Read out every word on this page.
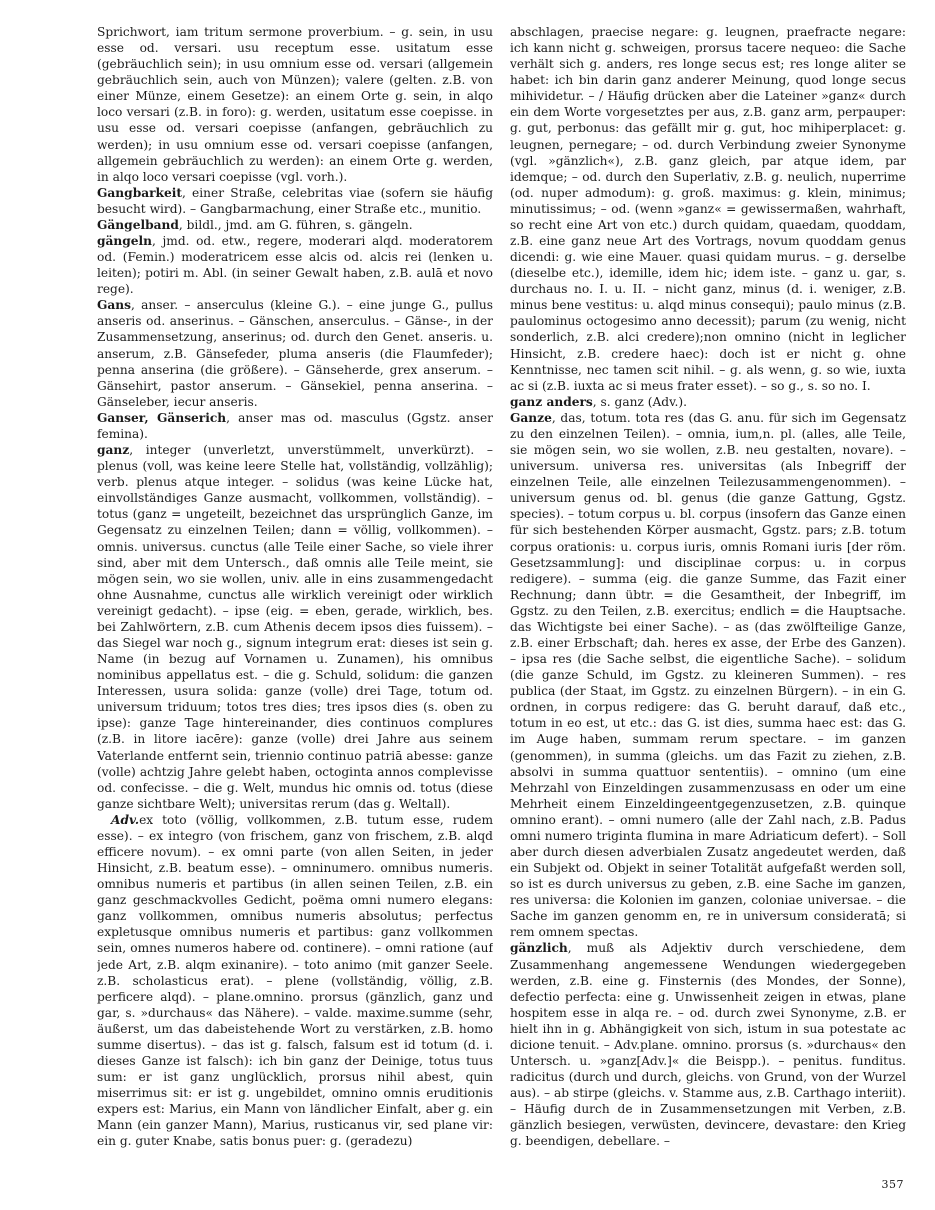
Sprichwort, iam tritum sermone proverbium. – g. sein, in usu esse od. versari. usu receptum esse. usitatum esse (gebräuchlich sein); in usu omnium esse od. versari (allgemein gebräuchlich sein, auch von Münzen); valere (gelten. z.B. von einer Münze, einem Gesetze): an einem Orte g. sein, in alqo loco versari (z.B. in foro): g. werden, usitatum esse coepisse. in usu esse od. versari coepisse (anfangen, gebräuchlich zu werden); in usu omnium esse od. versari coepisse (anfangen, allgemein gebräuchlich zu werden): an einem Orte g. werden, in alqo loco versari coepisse (vgl. vorh.).

Gangbarkeit, einer Straße, celebritas viae (sofern sie häufig besucht wird). – Gangbarmachung, einer Straße etc., munitio.

Gängelband, bildl., jmd. am G. führen, s. gängeln.

gängeln, jmd. od. etw., regere, moderari alqd. moderatorem od. (Femin.) moderatricem esse alcis od. alcis rei (lenken u. leiten); potiri m. Abl. (in seiner Gewalt haben, z.B. aulā et novo rege).

Gans, anser. – anserculus (kleine G.). – eine junge G., pullus anseris od. anserinus. – Gänschen, anserculus. – Gänse-, in der Zusammensetzung, anserinus; od. durch den Genet. anseris. u. anserum, z.B. Gänsefeder, pluma anseris (die Flaumfeder); penna anserina (die größere). – Gänseherde, grex anserum. – Gänsehirt, pastor anserum. – Gänsekiel, penna anserina. – Gänseleber, iecur anseris.

Ganser, Gänserich, anser mas od. masculus (Ggstz. anser femina).

ganz, integer (unverletzt, unverstümmelt, unverkürzt). – plenus (voll, was keine leere Stelle hat, vollständig, vollzählig); verb. plenus atque integer. – solidus (was keine Lücke hat, einvollständiges Ganze ausmacht, vollkommen, vollständig). – totus (ganz = ungeteilt, bezeichnet das ursprünglich Ganze, im Gegensatz zu einzelnen Teilen; dann = völlig, vollkommen). – omnis. universus. cunctus (alle Teile einer Sache, so viele ihrer sind, aber mit dem Untersch., daß omnis alle Teile meint, sie mögen sein, wo sie wollen, univ. alle in eins zusammengedacht ohne Ausnahme, cunctus alle wirklich vereinigt oder wirklich vereinigt gedacht). – ipse (eig. = eben, gerade, wirklich, bes. bei Zahlwörtern, z.B. cum Athenis decem ipsos dies fuissem). – das Siegel war noch g., signum integrum erat: dieses ist sein g. Name (in bezug auf Vornamen u. Zunamen), his omnibus nominibus appellatus est. – die g. Schuld, solidum: die ganzen Interessen, usura solida: ganze (volle) drei Tage, totum od. universum triduum; totos tres dies; tres ipsos dies (s. oben zu ipse): ganze Tage hintereinander, dies continuos complures (z.B. in litore iacēre): ganze (volle) drei Jahre aus seinem Vaterlande entfernt sein, triennio continuo patriā abesse: ganze (volle) achtzig Jahre gelebt haben, octoginta annos complevisse od. confecisse. – die g. Welt, mundus hic omnis od. totus (diese ganze sichtbare Welt); universitas rerum (das g. Weltall).

Adv.ex toto (völlig, vollkommen, z.B. tutum esse, rudem esse). – ex integro (von frischem, ganz von frischem, z.B. alqd efficere novum). – ex omni parte (von allen Seiten, in jeder Hinsicht, z.B. beatum esse). – omninumero. omnibus numeris. omnibus numeris et partibus (in allen seinen Teilen, z.B. ein ganz geschmackvolles Gedicht, poëma omni numero elegans: ganz vollkommen, omnibus numeris absolutus; perfectus expletusque omnibus numeris et partibus: ganz vollkommen sein, omnes numeros habere od. continere). – omni ratione (auf jede Art, z.B. alqm exinanire). – toto animo (mit ganzer Seele. z.B. scholasticus erat). – plene (vollständig, völlig, z.B. perficere alqd). – plane.omnino. prorsus (gänzlich, ganz und gar, s. »durchaus« das Nähere). – valde. maxime.summe (sehr, äußerst, um das dabeistehende Wort zu verstärken, z.B. homo summe disertus). – das ist g. falsch, falsum est id totum (d. i. dieses Ganze ist falsch): ich bin ganz der Deinige, totus tuus sum: er ist ganz unglücklich, prorsus nihil abest, quin miserrimus sit: er ist g. ungebildet, omnino omnis eruditionis expers est: Marius, ein Mann von ländlicher Einfalt, aber g. ein Mann (ein ganzer Mann), Marius, rusticanus vir, sed plane vir: ein g. guter Knabe, satis bonus puer: g. (geradezu)

abschlagen, praecise negare: g. leugnen, praefracte negare: ich kann nicht g. schweigen, prorsus tacere nequeo: die Sache verhält sich g. anders, res longe secus est; res longe aliter se habet: ich bin darin ganz anderer Meinung, quod longe secus mihividetur. – / Häufig drücken aber die Lateiner »ganz« durch ein dem Worte vorgesetztes per aus, z.B. ganz arm, perpauper: g. gut, perbonus: das gefällt mir g. gut, hoc mihiperplacet: g. leugnen, pernegare; – od. durch Verbindung zweier Synonyme (vgl. »gänzlich«), z.B. ganz gleich, par atque idem, par idemque; – od. durch den Superlativ, z.B. g. neulich, nuperrime (od. nuper admodum): g. groß. maximus: g. klein, minimus; minutissimus; – od. (wenn »ganz« = gewissermaßen, wahrhaft, so recht eine Art von etc.) durch quidam, quaedam, quoddam, z.B. eine ganz neue Art des Vortrags, novum quoddam genus dicendi: g. wie eine Mauer. quasi quidam murus. – g. derselbe (dieselbe etc.), idemille, idem hic; idem iste. – ganz u. gar, s. durchaus no. I. u. II. – nicht ganz, minus (d. i. weniger, z.B. minus bene vestitus: u. alqd minus consequi); paulo minus (z.B. paulominus octogesimo anno decessit); parum (zu wenig, nicht sonderlich, z.B. alci credere);non omnino (nicht in leglicher Hinsicht, z.B. credere haec): doch ist er nicht g. ohne Kenntnisse, nec tamen scit nihil. – g. als wenn, g. so wie, iuxta ac si (z.B. iuxta ac si meus frater esset). – so g., s. so no. I.

ganz anders, s. ganz (Adv.).

Ganze, das, totum. tota res (das G. anu. für sich im Gegensatz zu den einzelnen Teilen). – omnia, ium,n. pl. (alles, alle Teile, sie mögen sein, wo sie wollen, z.B. neu gestalten, novare). – universum. universa res. universitas (als Inbegriff der einzelnen Teile, alle einzelnen Teilezusammengenommen). – universum genus od. bl. genus (die ganze Gattung, Ggstz. species). – totum corpus u. bl. corpus (insofern das Ganze einen für sich bestehenden Körper ausmacht, Ggstz. pars; z.B. totum corpus orationis: u. corpus iuris, omnis Romani iuris [der röm. Gesetzsammlung]: und disciplinae corpus: u. in corpus redigere). – summa (eig. die ganze Summe, das Fazit einer Rechnung; dann übtr. = die Gesamtheit, der Inbegriff, im Ggstz. zu den Teilen, z.B. exercitus; endlich = die Hauptsache. das Wichtigste bei einer Sache). – as (das zwölfteilige Ganze, z.B. einer Erbschaft; dah. heres ex asse, der Erbe des Ganzen). – ipsa res (die Sache selbst, die eigentliche Sache). – solidum (die ganze Schuld, im Ggstz. zu kleineren Summen). – res publica (der Staat, im Ggstz. zu einzelnen Bürgern). – in ein G. ordnen, in corpus redigere: das G. beruht darauf, daß etc., totum in eo est, ut etc.: das G. ist dies, summa haec est: das G. im Auge haben, summam rerum spectare. – im ganzen (genommen), in summa (gleichs. um das Fazit zu ziehen, z.B. absolvi in summa quattuor sententiis). – omnino (um eine Mehrzahl von Einzeldingen zusammenzusass en oder um eine Mehrheit einem Einzeldingeentgegenzusetzen, z.B. quinque omnino erant). – omni numero (alle der Zahl nach, z.B. Padus omni numero triginta flumina in mare Adriaticum defert). – Soll aber durch diesen adverbialen Zusatz angedeutet werden, daß ein Subjekt od. Objekt in seiner Totalität aufgefaßt werden soll, so ist es durch universus zu geben, z.B. eine Sache im ganzen, res universa: die Kolonien im ganzen, coloniae universae. – die Sache im ganzen genomm en, re in universum consideratā; si rem omnem spectas.

gänzlich, muß als Adjektiv durch verschiedene, dem Zusammenhang angemessene Wendungen wiedergegeben werden, z.B. eine g. Finsternis (des Mondes, der Sonne), defectio perfecta: eine g. Unwissenheit zeigen in etwas, plane hospitem esse in alqa re. – od. durch zwei Synonyme, z.B. er hielt ihn in g. Abhängigkeit von sich, istum in sua potestate ac dicione tenuit. – Adv.plane. omnino. prorsus (s. »durchaus« den Untersch. u. »ganz[Adv.]« die Beispp.). – penitus. funditus. radicitus (durch und durch, gleichs. von Grund, von der Wurzel aus). – ab stirpe (gleichs. v. Stamme aus, z.B. Carthago interiit). – Häufig durch de in Zusammensetzungen mit Verben, z.B. gänzlich besiegen, verwüsten, devincere, devastare: den Krieg g. beendigen, debellare. –

357
